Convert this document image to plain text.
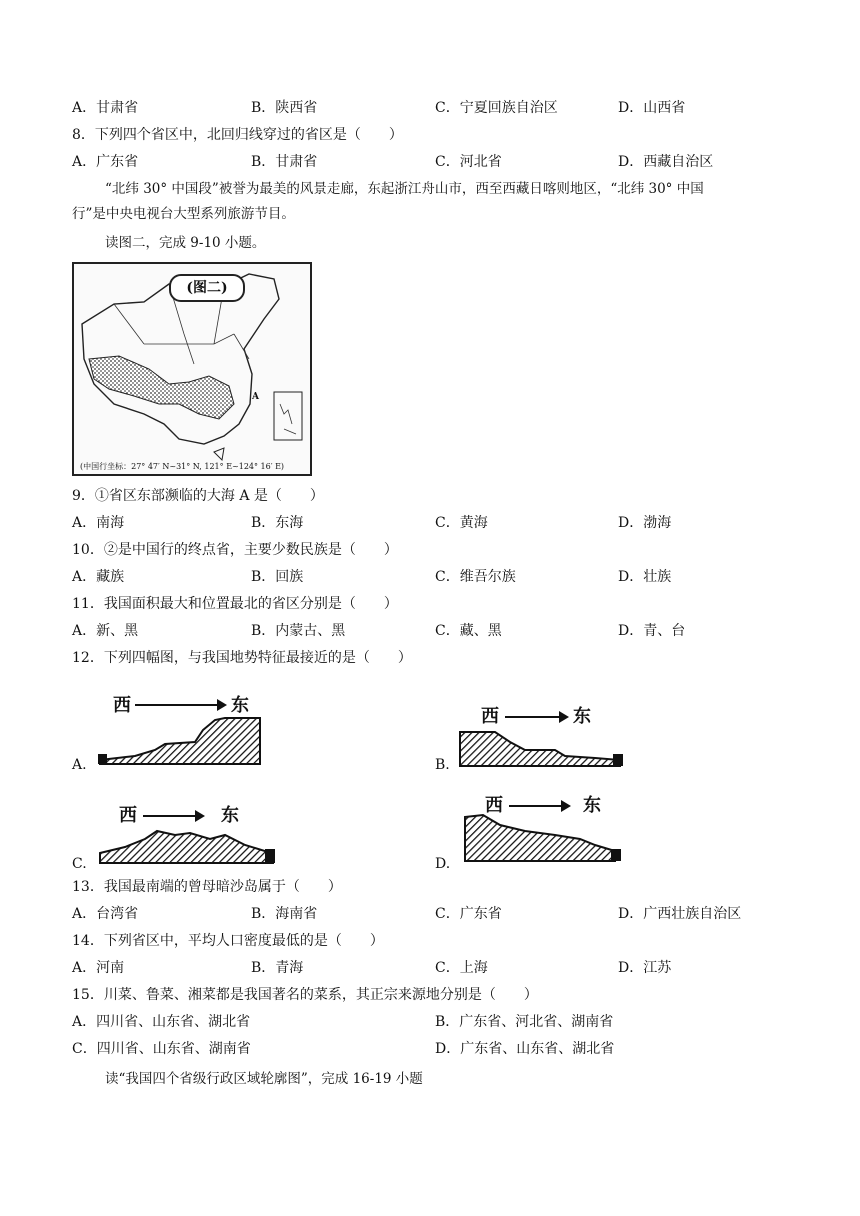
A．甘肃省	B．陕西省	C．宁夏回族自治区	D．山西省
8．下列四个省区中，北回归线穿过的省区是（　　）
A．广东省	B．甘肃省	C．河北省	D．西藏自治区
“北纬 30° 中国段”被誉为最美的风景走廊，东起浙江舟山市，西至西藏日喀则地区，“北纬 30° 中国
行”是中央电视台大型系列旅游节目。
读图二，完成 9-10 小题。
(图二)
A
(中国行坐标：27° 47′ N~31° N, 121° E~124° 16′ E)
9．①省区东部濒临的大海 A 是（　　）
A．南海	B．东海	C．黄海	D．渤海
10．②是中国行的终点省，主要少数民族是（　　）
A．藏族	B．回族	C．维吾尔族	D．壮族
11．我国面积最大和位置最北的省区分别是（　　）
A．新、黑	B．内蒙古、黑	C．藏、黑	D．青、台
12．下列四幅图，与我国地势特征最接近的是（　　）
A.
西	东
B.
西	东
C.
西	东
D.
西	东
13．我国最南端的曾母暗沙岛属于（　　）
A．台湾省	B．海南省	C．广东省	D．广西壮族自治区
14．下列省区中，平均人口密度最低的是（　　）
A．河南	B．青海	C．上海	D．江苏
15．川菜、鲁菜、湘菜都是我国著名的菜系，其正宗来源地分别是（　　）
A．四川省、山东省、湖北省	B．广东省、河北省、湖南省
C．四川省、山东省、湖南省	D．广东省、山东省、湖北省
读“我国四个省级行政区域轮廓图”，完成 16-19 小题
